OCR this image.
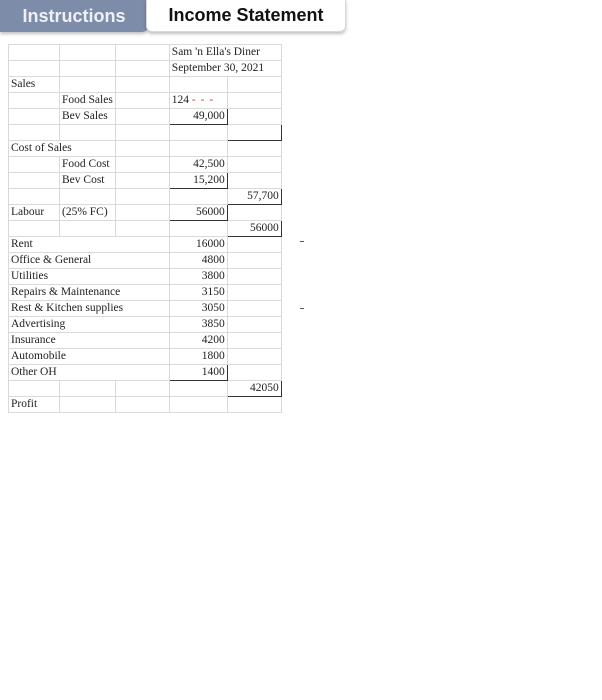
Instructions	Income Statement
			Sam 'n Ella's Diner	
			September 30, 2021	
Sales				
	Food Sales		124 ‐ ‐ ‐	
	Bev Sales		49,000	

Cost of Sales				
	Food Cost		42,500	
	Bev Cost		15,200	
				57,700
Labour	(25% FC)		56000	
				56000
Rent			16000	
Office & General			4800	
Utilities			3800	
Repairs & Maintenance			3150	
Rest & Kitchen supplies			3050	
Advertising			3850	
Insurance			4200	
Automobile			1800	
Other OH			1400	
				42050
Profit				
